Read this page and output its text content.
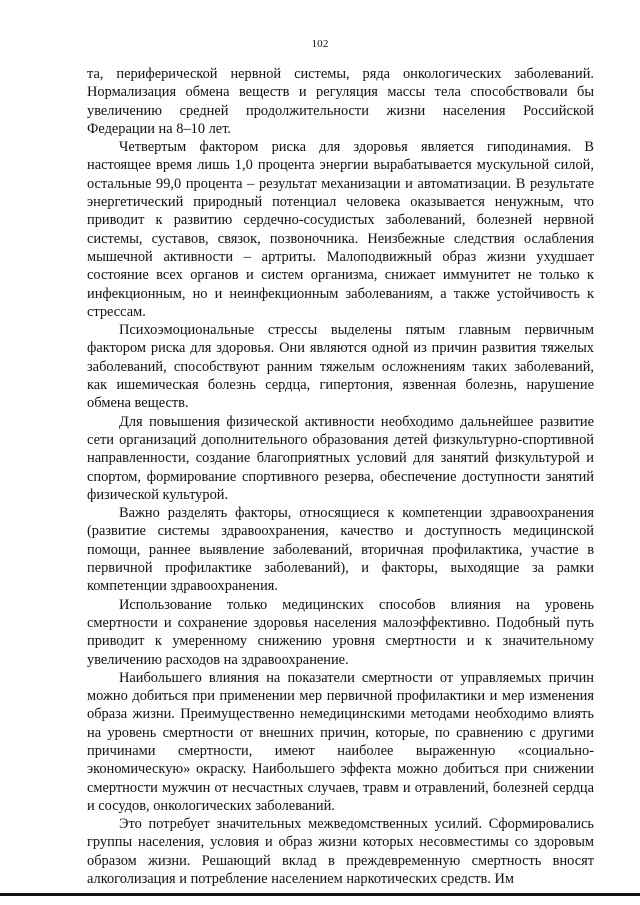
102

та, периферической нервной системы, ряда онкологических заболеваний. Нормализация обмена веществ и регуляция массы тела способствовали бы увеличению средней продолжительности жизни населения Российской Федерации на 8–10 лет.

Четвертым фактором риска для здоровья является гиподинамия. В настоящее время лишь 1,0 процента энергии вырабатывается мускульной силой, остальные 99,0 процента – результат механизации и автоматизации. В результате энергетический природный потенциал человека оказывается ненужным, что приводит к развитию сердечно-сосудистых заболеваний, болезней нервной системы, суставов, связок, позвоночника. Неизбежные следствия ослабления мышечной активности – артриты. Малоподвижный образ жизни ухудшает состояние всех органов и систем организма, снижает иммунитет не только к инфекционным, но и неинфекционным заболеваниям, а также устойчивость к стрессам.

Психоэмоциональные стрессы выделены пятым главным первичным фактором риска для здоровья. Они являются одной из причин развития тяжелых заболеваний, способствуют ранним тяжелым осложнениям таких заболеваний, как ишемическая болезнь сердца, гипертония, язвенная болезнь, нарушение обмена веществ.

Для повышения физической активности необходимо дальнейшее развитие сети организаций дополнительного образования детей физкультурно-спортивной направленности, создание благоприятных условий для занятий физкультурой и спортом, формирование спортивного резерва, обеспечение доступности занятий физической культурой.

Важно разделять факторы, относящиеся к компетенции здравоохранения (развитие системы здравоохранения, качество и доступность медицинской помощи, раннее выявление заболеваний, вторичная профилактика, участие в первичной профилактике заболеваний), и факторы, выходящие за рамки компетенции здравоохранения.

Использование только медицинских способов влияния на уровень смертности и сохранение здоровья населения малоэффективно. Подобный путь приводит к умеренному снижению уровня смертности и к значительному увеличению расходов на здравоохранение.

Наибольшего влияния на показатели смертности от управляемых причин можно добиться при применении мер первичной профилактики и мер изменения образа жизни. Преимущественно немедицинскими методами необходимо влиять на уровень смертности от внешних причин, которые, по сравнению с другими причинами смертности, имеют наиболее выраженную «социально-экономическую» окраску. Наибольшего эффекта можно добиться при снижении смертности мужчин от несчастных случаев, травм и отравлений, болезней сердца и сосудов, онкологических заболеваний.

Это потребует значительных межведомственных усилий. Сформировались группы населения, условия и образ жизни которых несовместимы со здоровым образом жизни. Решающий вклад в преждевременную смертность вносят алкоголизация и потребление населением наркотических средств. Им
